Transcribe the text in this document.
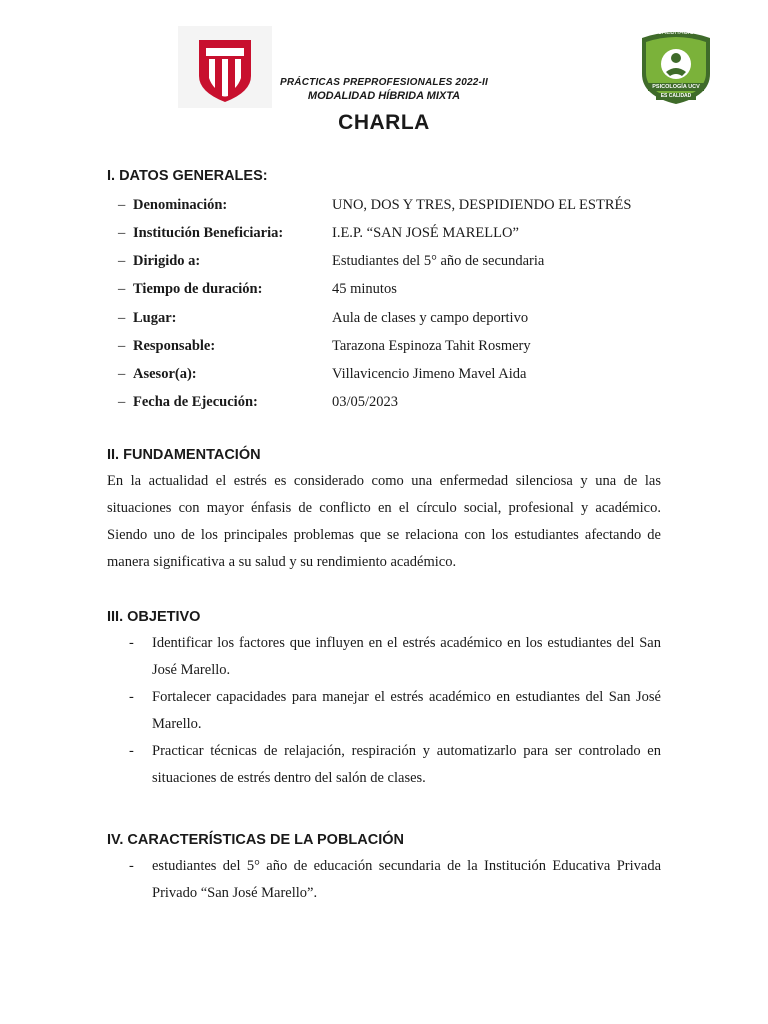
ACREDITACIÓN
PSICOLOGÍA UCV
ES CALIDAD
PRÁCTICAS PREPROFESIONALES 2022-II
MODALIDAD HÍBRIDA MIXTA
CHARLA
I. DATOS GENERALES:
– Denominación:	UNO, DOS Y TRES, DESPIDIENDO EL ESTRÉS
– Institución Beneficiaria:	I.E.P. “SAN JOSÉ MARELLO”
– Dirigido a:	Estudiantes del 5° año de secundaria
– Tiempo de duración:	45 minutos
– Lugar:	Aula de clases y campo deportivo
– Responsable:	Tarazona Espinoza Tahit Rosmery
– Asesor(a):	Villavicencio Jimeno Mavel Aida
– Fecha de Ejecución:	03/05/2023
II. FUNDAMENTACIÓN
En la actualidad el estrés es considerado como una enfermedad silenciosa y una de las
situaciones con mayor énfasis de conflicto en el círculo social, profesional y académico.
Siendo uno de los principales problemas que se relaciona con los estudiantes afectando de
manera significativa a su salud y su rendimiento académico.
III. OBJETIVO
- Identificar los factores que influyen en el estrés académico en los estudiantes del San
José Marello.
- Fortalecer capacidades para manejar el estrés académico en estudiantes del San José
Marello.
- Practicar técnicas de relajación, respiración y automatizarlo para ser controlado en
situaciones de estrés dentro del salón de clases.
IV. CARACTERÍSTICAS DE LA POBLACIÓN
- estudiantes del 5° año de educación secundaria de la Institución Educativa Privada
Privado “San José Marello”.
